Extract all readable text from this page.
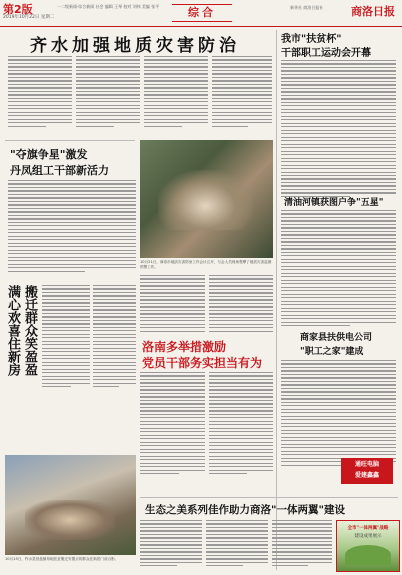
第2版	一二级新闻·综合新闻 社会 编辑 王琴 校对 刘伟 美编 张平
2019年10月22日 星期二	综合	新华社 商洛日报社	商洛日报
齐水加强地质灾害防治	我市"扶贫杯"
干部职工运动会开幕
清油河镇获图户争"五星"
商家县扶供电公司
"职工之家"建成
"夺旗争星"激发
丹凤组工干部新活力
10月21日，商洛市地质灾害防治工作会议召开，与会人员现场观摩了地质灾害监测预警工作。
满心欢喜住新房 搬迁群众笑盈盈	洛南多举措激励
党员干部务实担当有为
通旺电脑
爱建鑫鑫
10月15日，柞水县营盘镇易地扶贫搬迁安置点的群众在新居门前合影。
生态之美系列佳作助力商洛"一体两翼"建设
全市"一体两翼"战略
建设成果展示
